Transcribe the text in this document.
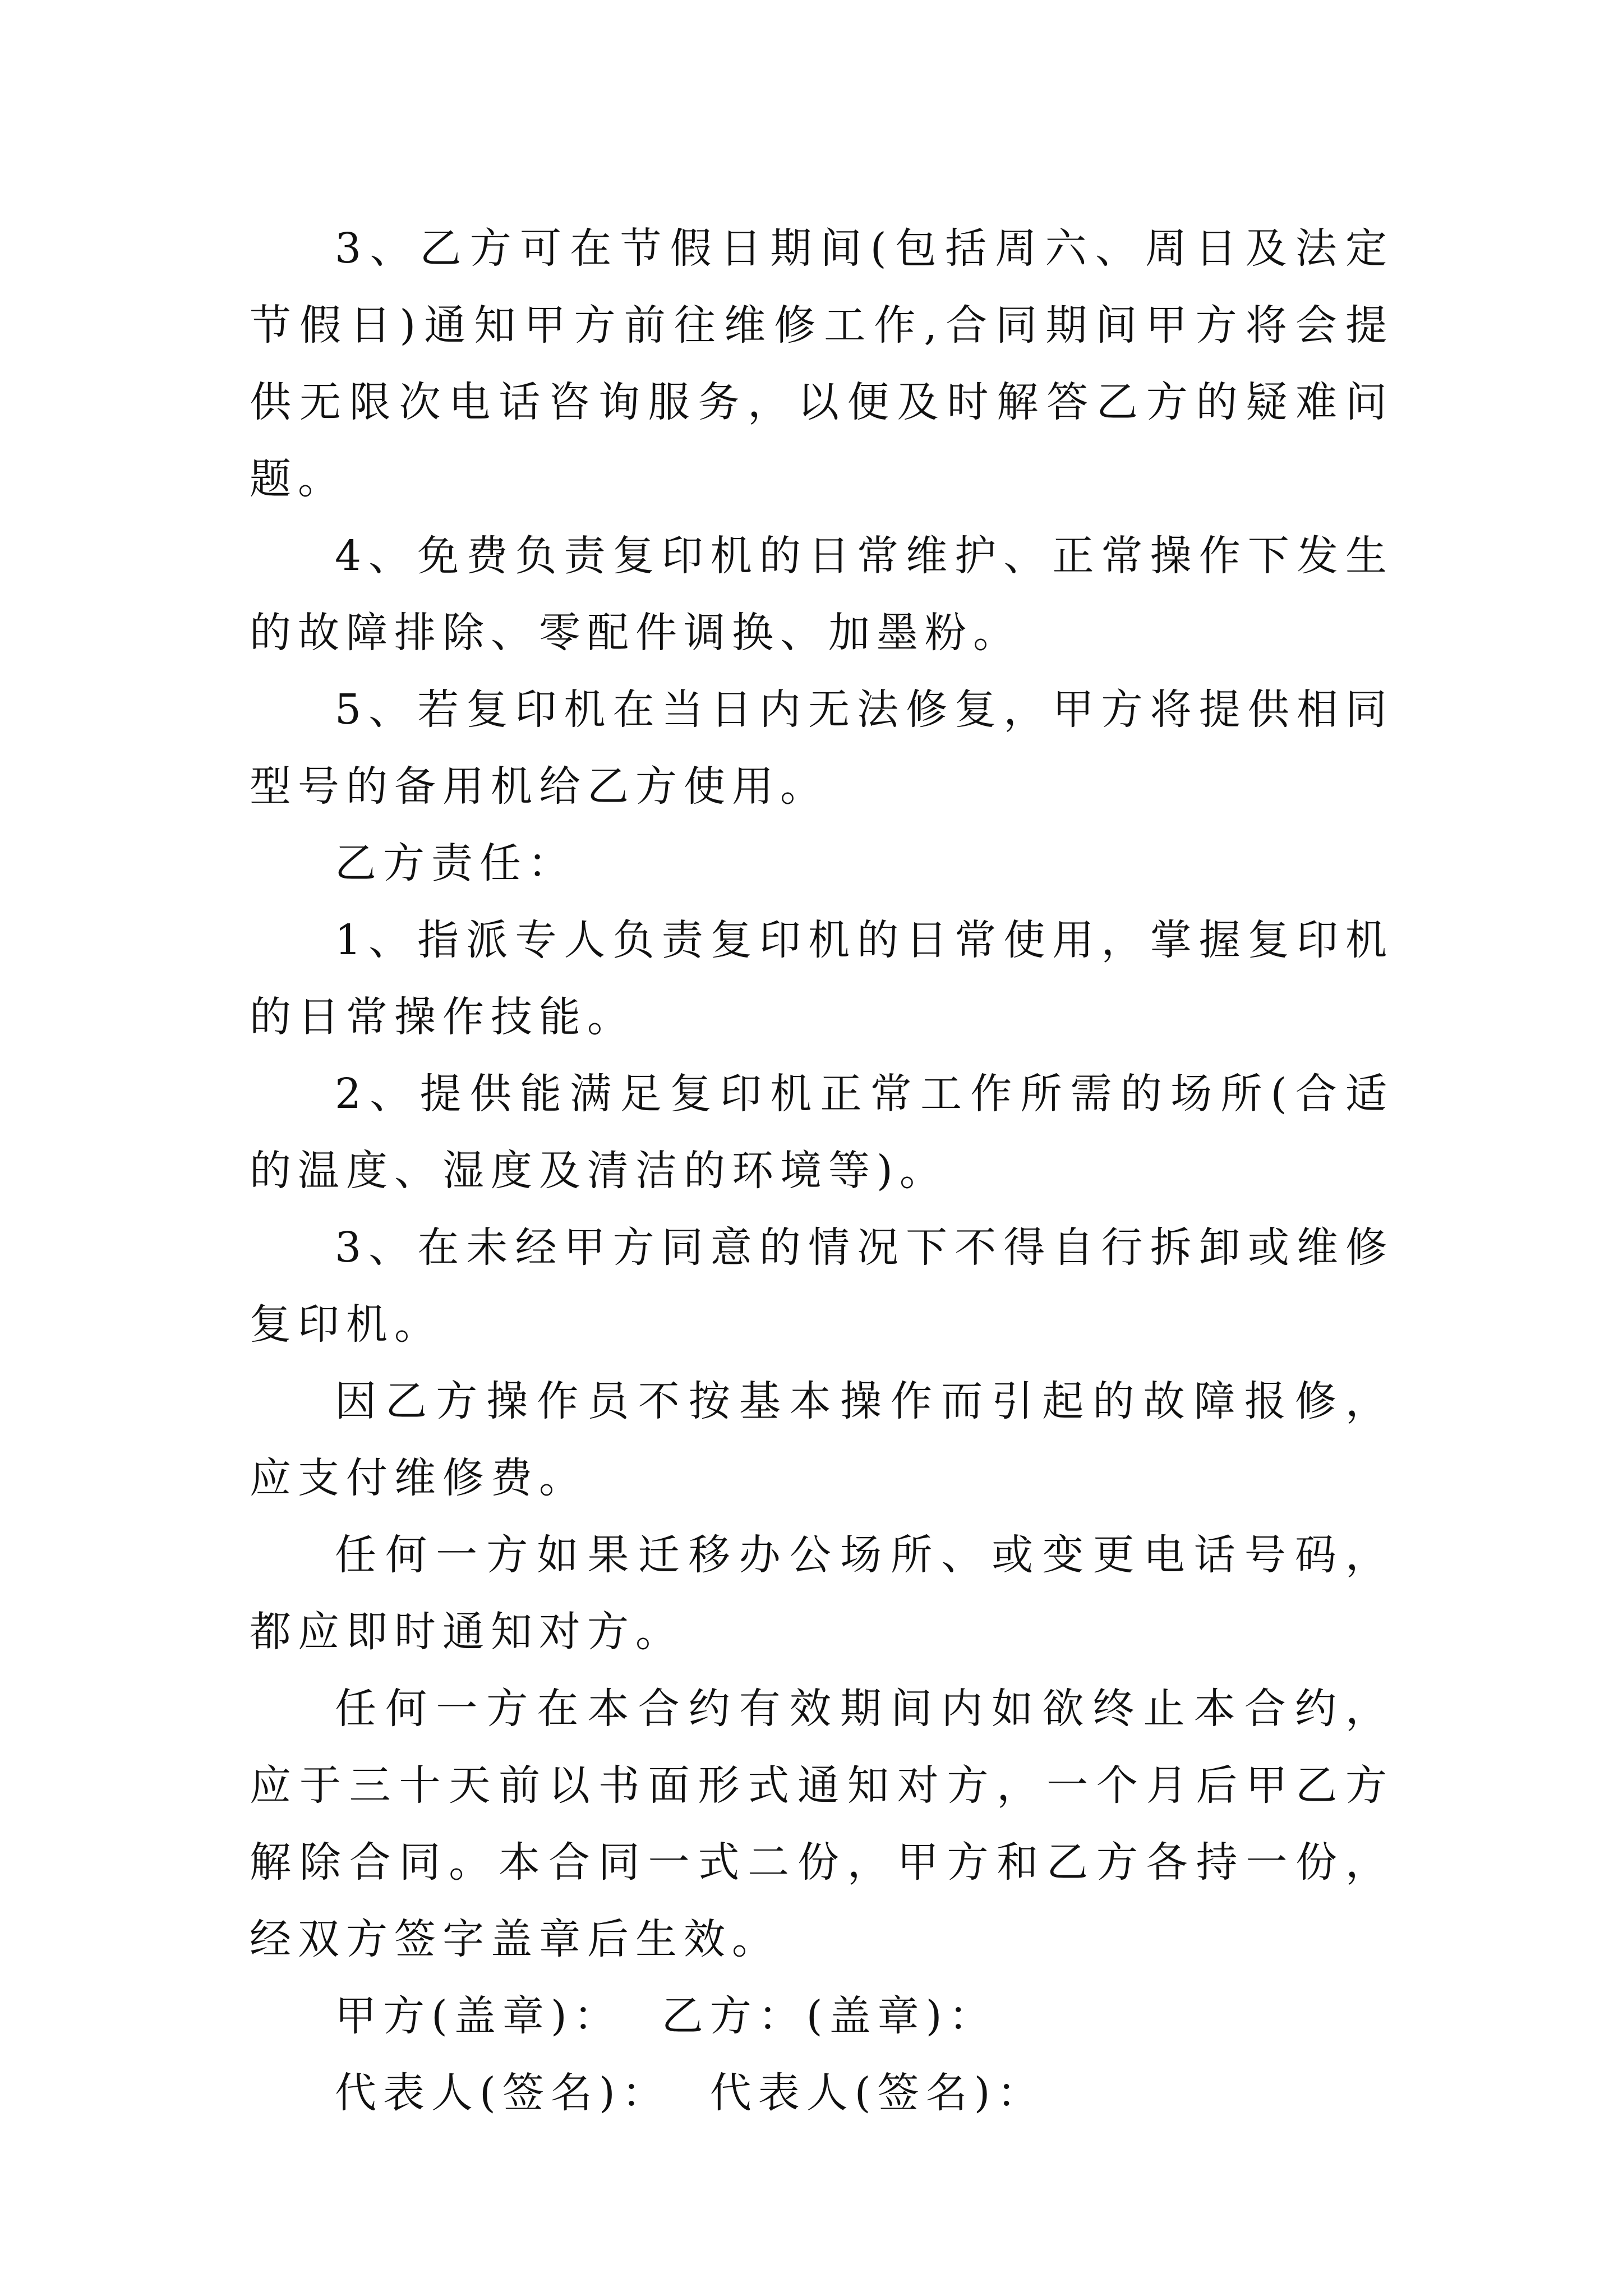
3、乙方可在节假日期间(包括周六、周日及法定节假日)通知甲方前往维修工作,合同期间甲方将会提供无限次电话咨询服务，以便及时解答乙方的疑难问题。

4、免费负责复印机的日常维护、正常操作下发生的故障排除、零配件调换、加墨粉。

5、若复印机在当日内无法修复，甲方将提供相同型号的备用机给乙方使用。

乙方责任：

1、指派专人负责复印机的日常使用，掌握复印机的日常操作技能。

2、提供能满足复印机正常工作所需的场所(合适的温度、湿度及清洁的环境等)。

3、在未经甲方同意的情况下不得自行拆卸或维修复印机。

因乙方操作员不按基本操作而引起的故障报修，应支付维修费。

任何一方如果迁移办公场所、或变更电话号码，都应即时通知对方。

任何一方在本合约有效期间内如欲终止本合约，应于三十天前以书面形式通知对方，一个月后甲乙方解除合同。本合同一式二份，甲方和乙方各持一份，经双方签字盖章后生效。

甲方(盖章)：  乙方：(盖章)：

代表人(签名)：  代表人(签名)：
